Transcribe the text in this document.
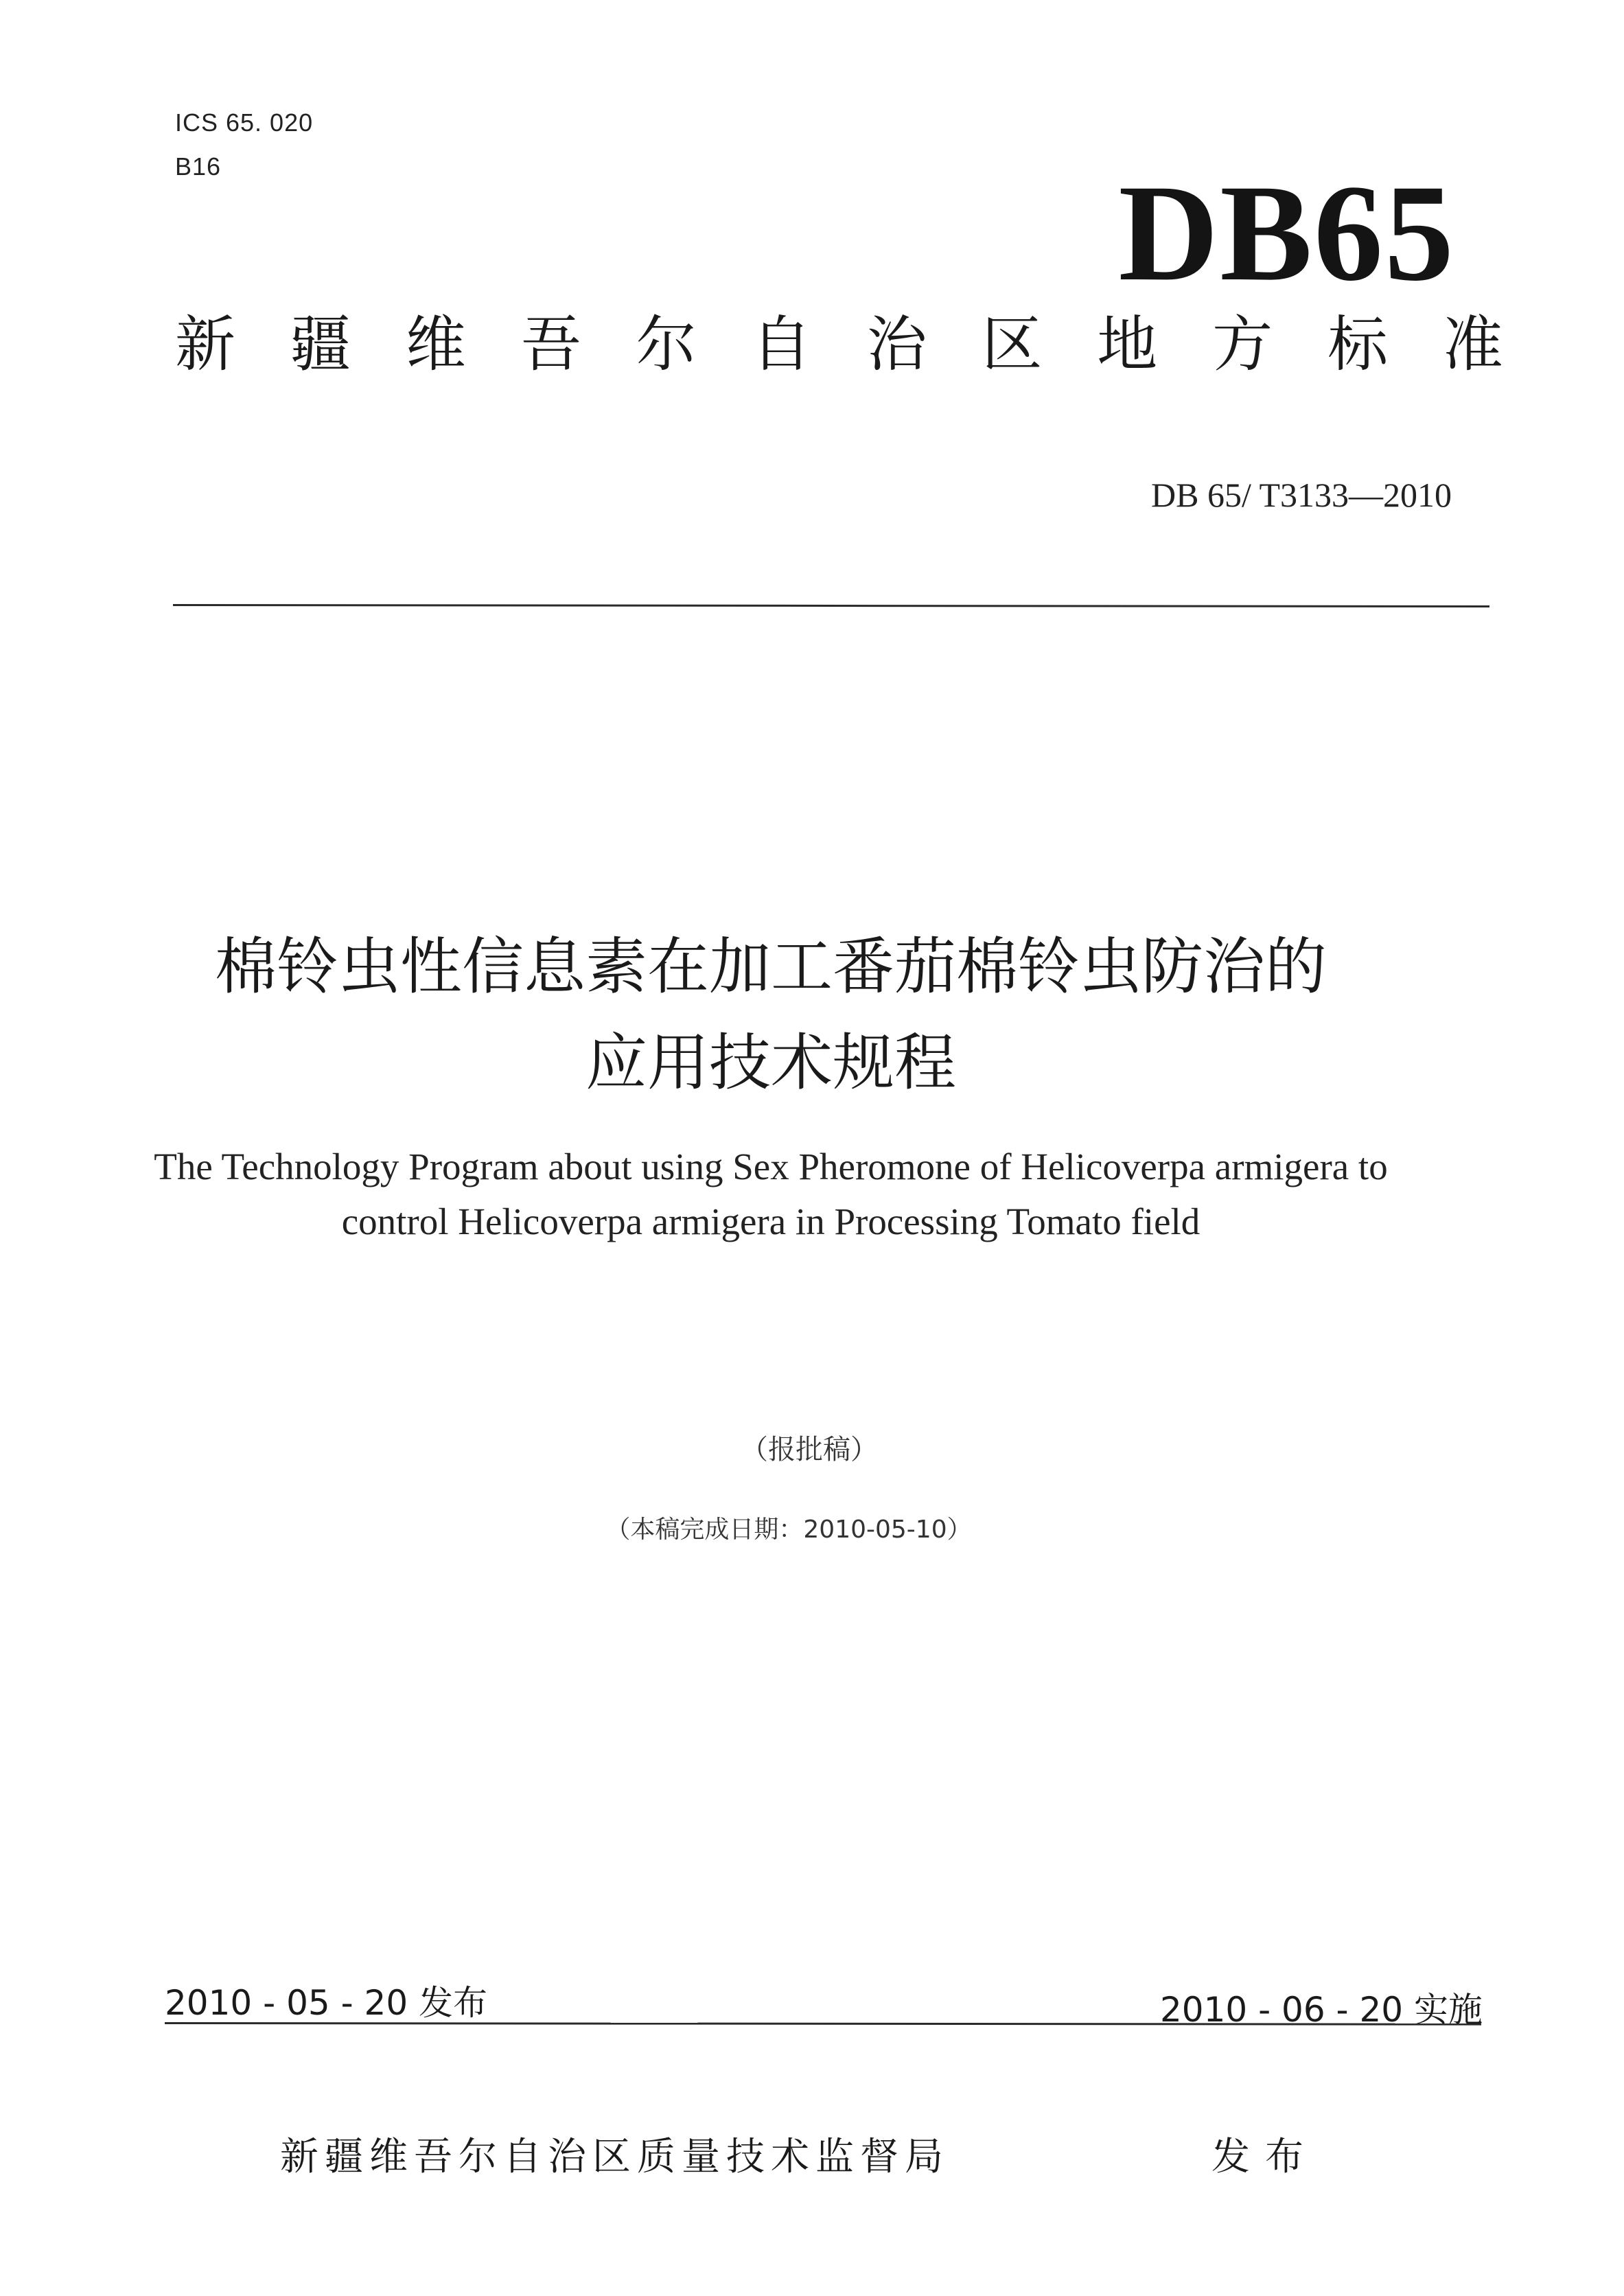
ICS 65. 020
B16	DB65
新 疆 维 吾 尔 自 治 区 地 方 标 准
DB 65/ T3133—2010
棉铃虫性信息素在加工番茄棉铃虫防治的
应用技术规程
The Technology Program about using Sex Pheromone of Helicoverpa armigera to
control Helicoverpa armigera in Processing Tomato field
（报批稿）
（本稿完成日期：2010-05-10）
2010 - 05 - 20 发布	2010 - 06 - 20 实施
新疆维吾尔自治区质量技术监督局	发布
